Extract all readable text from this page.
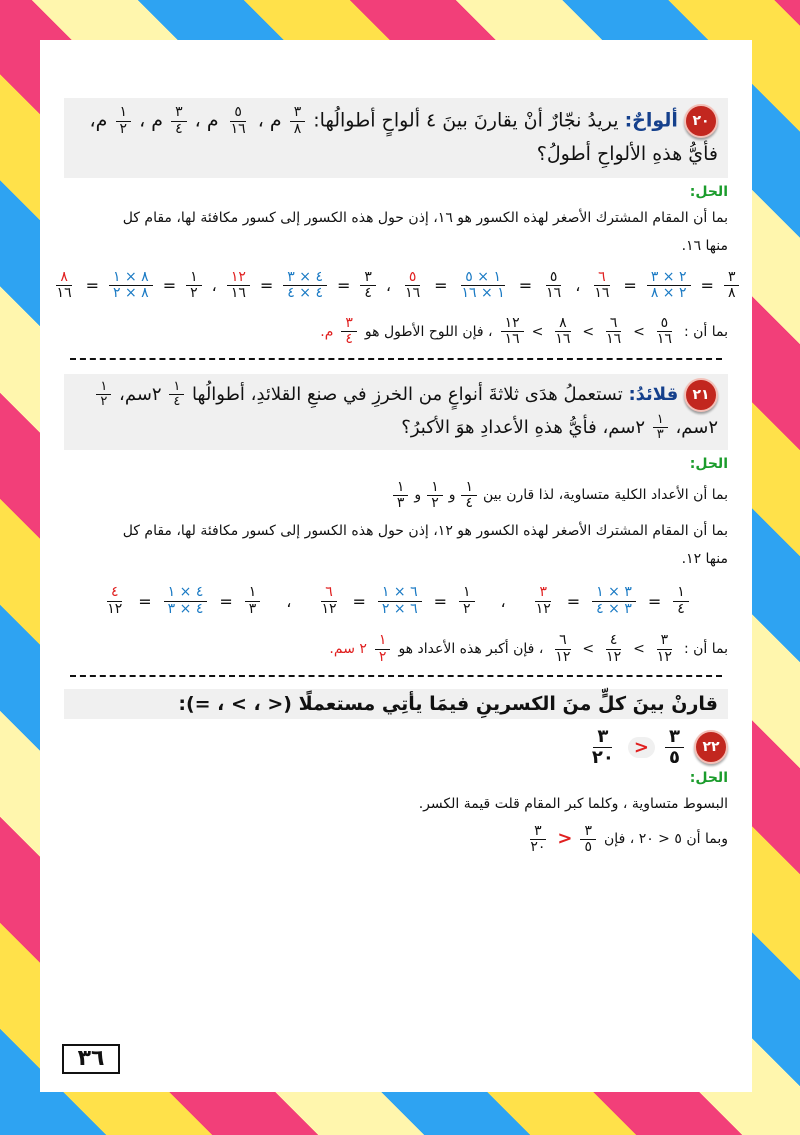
٢٠ ألواحٌ: يريدُ نجّارٌ أنْ يقارنَ بينَ ٤ ألواحٍ أطوالُها:
$\frac{٣}{٨}$
م ،
$\frac{٥}{١٦}$
م ،
$\frac{٣}{٤}$
م ،
$\frac{١}{٢}$
م، فأيُّ هذهِ الألواحِ أطولُ؟
الحل:
بما أن المقام المشترك الأصغر لهذه الكسور هو ١٦، إذن حول هذه الكسور إلى كسور مكافئة لها، مقام كل
منها ١٦.
$\frac{٣}{٨}$
=
$\frac{٢ \times ٣}{٢ \times ٨}$
=
$\frac{٦}{١٦}$
،
$\frac{٥}{١٦}$
=
$\frac{١ \times ٥}{١ \times ١٦}$
=
$\frac{٥}{١٦}$
،
$\frac{٣}{٤}$
=
$\frac{٤ \times ٣}{٤ \times ٤}$
=
$\frac{١٢}{١٦}$
،
$\frac{١}{٢}$
=
$\frac{٨ \times ١}{٨ \times ٢}$
=
$\frac{٨}{١٦}$
بما أن :
$\frac{٥}{١٦}$
>
$\frac{٦}{١٦}$
>
$\frac{٨}{١٦}$
>
$\frac{١٢}{١٦}$
، فإن اللوح الأطول هو
$\frac{٣}{٤}$
م.
٢١ قلائدُ: تستعملُ هدَى ثلاثةَ أنواعٍ من الخرزِ في صنعِ القلائدِ، أطوالُها
$\frac{١}{٤}$
٢سم،
$\frac{١}{٢}$
٢سم،
$\frac{١}{٣}$
٢سم، فأيُّ هذهِ الأعدادِ هوَ الأكبرُ؟
الحل:
بما أن الأعداد الكلية متساوية، لذا قارن بين
$\frac{١}{٤}$
و
$\frac{١}{٢}$
و
$\frac{١}{٣}$
بما أن المقام المشترك الأصغر لهذه الكسور هو ١٢، إذن حول هذه الكسور إلى كسور مكافئة لها، مقام كل
منها ١٢.
$\frac{١}{٤}$
=
$\frac{٣ \times ١}{٣ \times ٤}$
=
$\frac{٣}{١٢}$
،
$\frac{١}{٢}$
=
$\frac{٦ \times ١}{٦ \times ٢}$
=
$\frac{٦}{١٢}$
،
$\frac{١}{٣}$
=
$\frac{٤ \times ١}{٤ \times ٣}$
=
$\frac{٤}{١٢}$
بما أن :
$\frac{٣}{١٢}$
>
$\frac{٤}{١٢}$
>
$\frac{٦}{١٢}$
، فإن أكبر هذه الأعداد هو
$\frac{١}{٢}$
٢ سم.
قارنْ بينَ كلٍّ منَ الكسرينِ فيمَا يأتِي مستعملًا (< ، > ، =):
٢٢
$\frac{٣}{٥}$
<
$\frac{٣}{٢٠}$
الحل:
البسوط متساوية ، وكلما كبر المقام قلت قيمة الكسر.
وبما أن ٥ < ٢٠ ، فإن
$\frac{٣}{٥}$
<
$\frac{٣}{٢٠}$
٣٦
